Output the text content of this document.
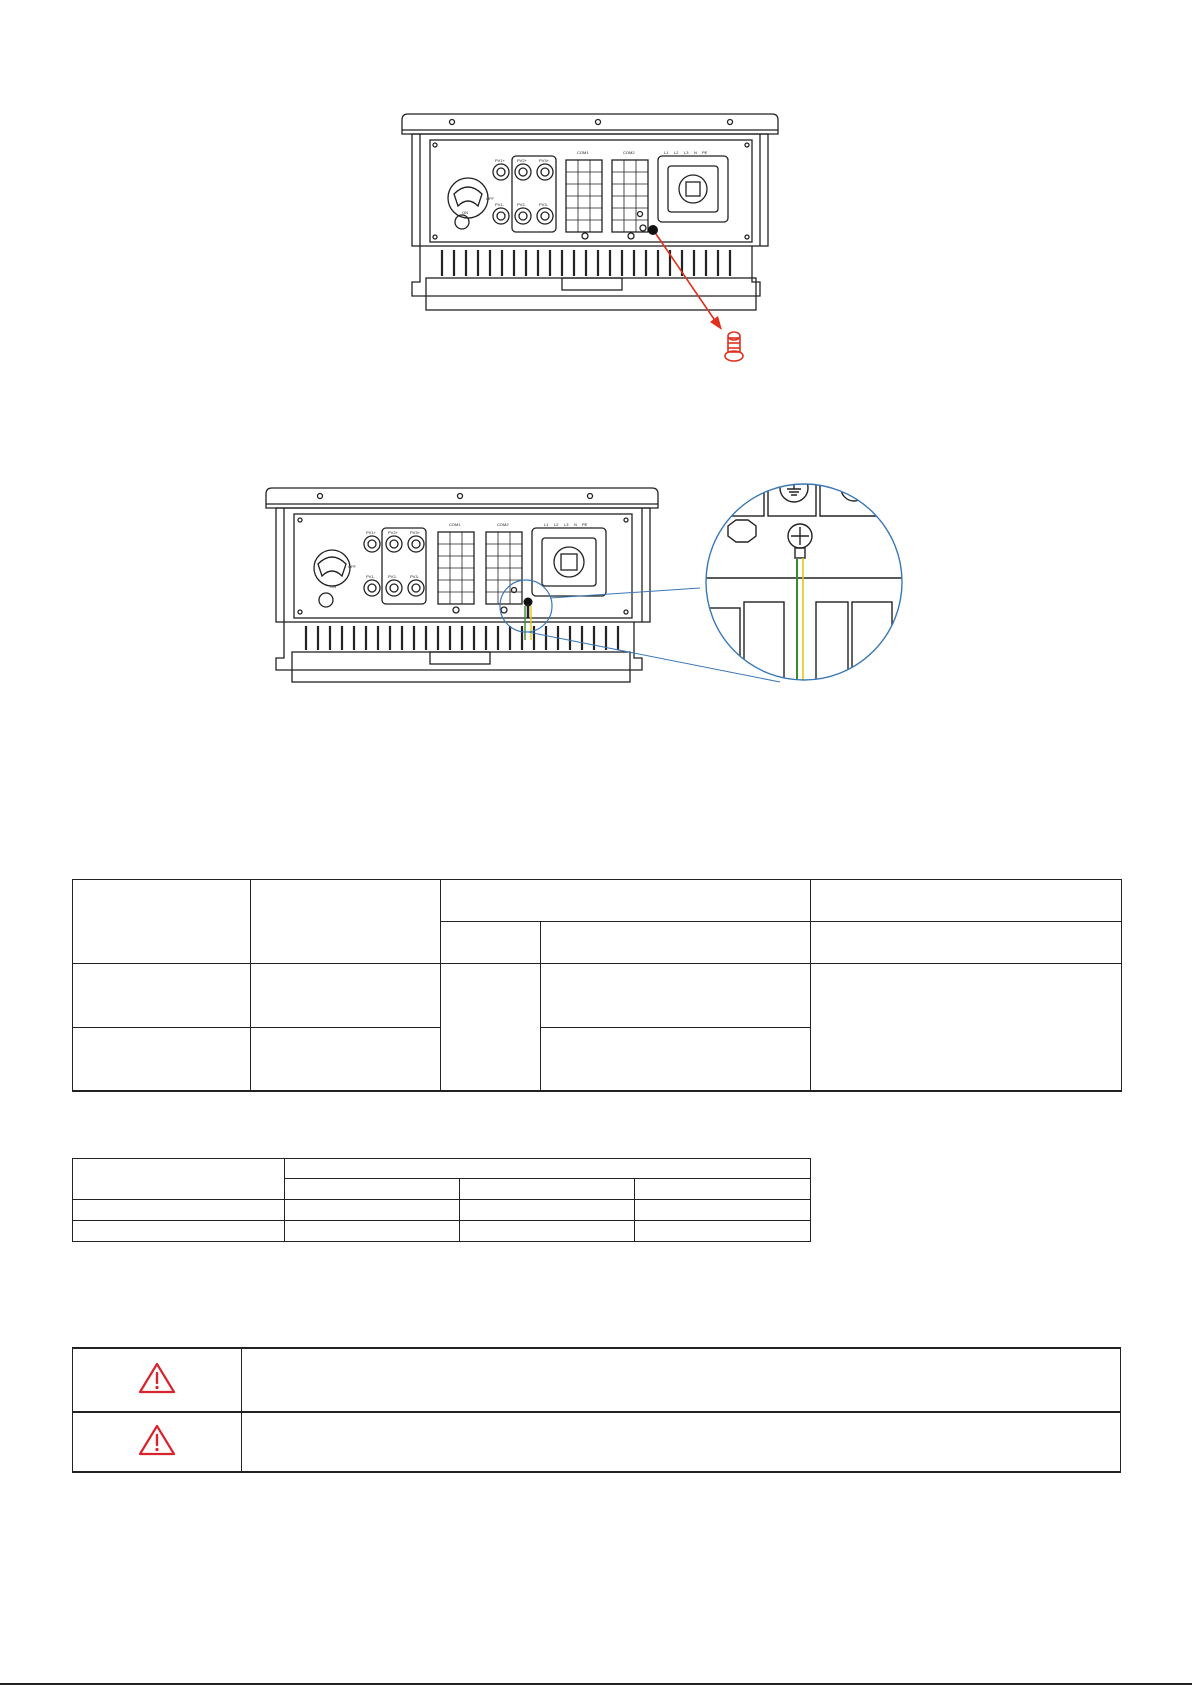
PV1+	PV2+	PV3+
PV1-	PV2-	PV3-
COM1	COM2	L1 L2 L3 N PE
OFF
ON
PV1+	PV2+	PV3+
PV1-	PV2-	PV3-
COM1	COM2	L1 L2 L3 N PE
OFF
ON
